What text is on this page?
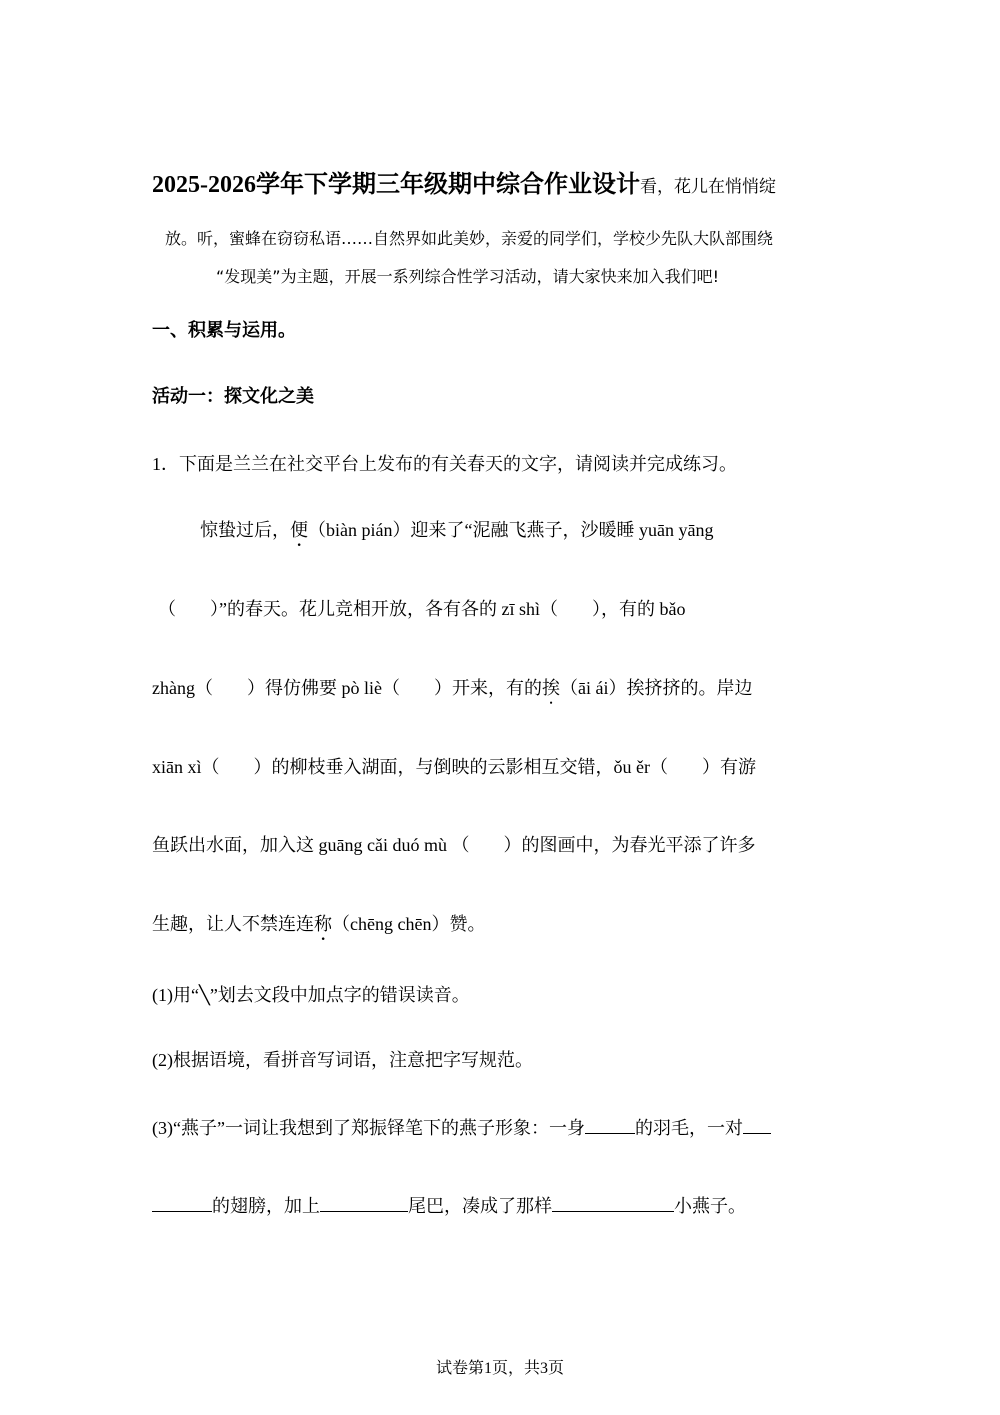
2025-2026学年下学期三年级期中综合作业设计看，花儿在悄悄绽
放。听，蜜蜂在窃窃私语……自然界如此美妙，亲爱的同学们，学校少先队大队部围绕
“发现美”为主题，开展一系列综合性学习活动，请大家快来加入我们吧!
一、积累与运用。
活动一：探文化之美
1．下面是兰兰在社交平台上发布的有关春天的文字，请阅读并完成练习。
惊蛰过后，便（biàn pián）迎来了“泥融飞燕子，沙暖睡 yuān yāng
（ ）”的春天。花儿竞相开放，各有各的 zī shì（ ），有的 bǎo
zhàng（ ）得仿佛要 pò liè（ ）开来，有的挨（āi ái）挨挤挤的。岸边
xiān xì（ ）的柳枝垂入湖面，与倒映的云影相互交错，ǒu ěr（ ）有游
鱼跃出水面，加入这 guāng cǎi duó mù （ ）的图画中，为春光平添了许多
生趣，让人不禁连连称（chēng chēn）赞。
(1)用“╲”划去文段中加点字的错误读音。
(2)根据语境，看拼音写词语，注意把字写规范。
(3)“燕子”一词让我想到了郑振铎笔下的燕子形象：一身	的羽毛，一对
的翅膀，加上	尾巴，凑成了那样	小燕子。
试卷第1页，共3页
